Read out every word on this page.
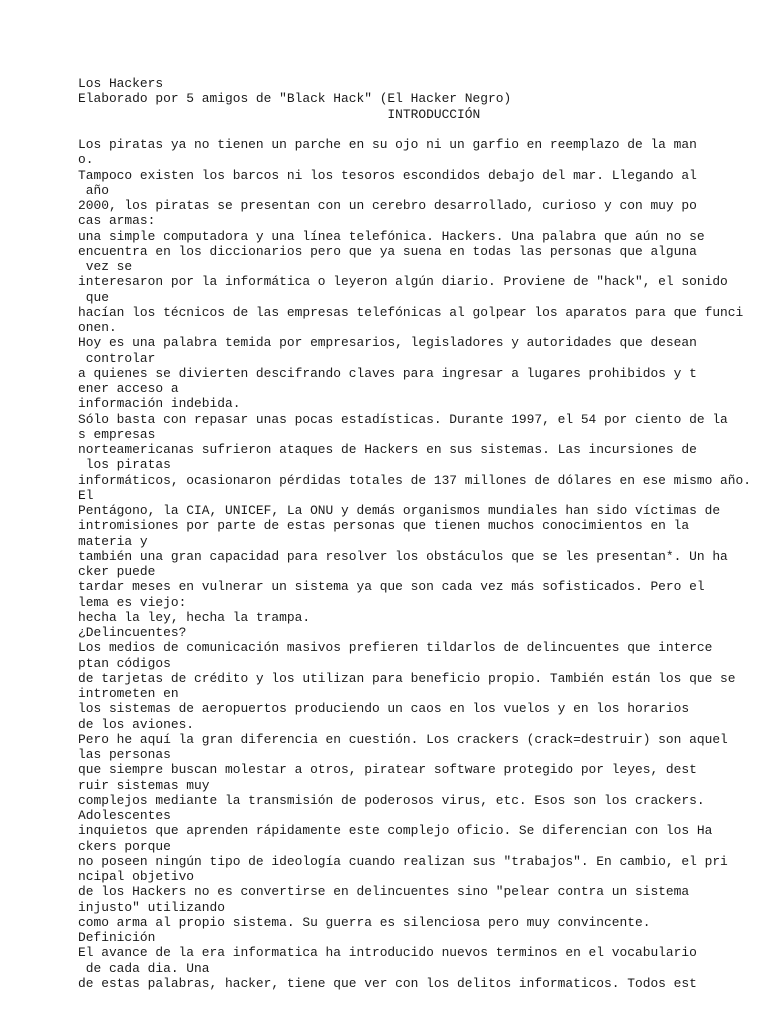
Los Hackers
Elaborado por 5 amigos de "Black Hack" (El Hacker Negro)
INTRODUCCIÓN
Los piratas ya no tienen un parche en su ojo ni un garfio en reemplazo de la man
o.
Tampoco existen los barcos ni los tesoros escondidos debajo del mar. Llegando al
año
2000, los piratas se presentan con un cerebro desarrollado, curioso y con muy po
cas armas:
una simple computadora y una línea telefónica. Hackers. Una palabra que aún no se
encuentra en los diccionarios pero que ya suena en todas las personas que alguna
vez se
interesaron por la informática o leyeron algún diario. Proviene de "hack", el sonido
que
hacían los técnicos de las empresas telefónicas al golpear los aparatos para que funci
onen.
Hoy es una palabra temida por empresarios, legisladores y autoridades que desean
controlar
a quienes se divierten descifrando claves para ingresar a lugares prohibidos y t
ener acceso a
información indebida.
Sólo basta con repasar unas pocas estadísticas. Durante 1997, el 54 por ciento de la
s empresas
norteamericanas sufrieron ataques de Hackers en sus sistemas. Las incursiones de
los piratas
informáticos, ocasionaron pérdidas totales de 137 millones de dólares en ese mismo año.
El
Pentágono, la CIA, UNICEF, La ONU y demás organismos mundiales han sido víctimas de
intromisiones por parte de estas personas que tienen muchos conocimientos en la
materia y
también una gran capacidad para resolver los obstáculos que se les presentan*. Un ha
cker puede
tardar meses en vulnerar un sistema ya que son cada vez más sofisticados. Pero el
lema es viejo:
hecha la ley, hecha la trampa.
¿Delincuentes?
Los medios de comunicación masivos prefieren tildarlos de delincuentes que interce
ptan códigos
de tarjetas de crédito y los utilizan para beneficio propio. También están los que se
intrometen en
los sistemas de aeropuertos produciendo un caos en los vuelos y en los horarios
de los aviones.
Pero he aquí la gran diferencia en cuestión. Los crackers (crack=destruir) son aquel
las personas
que siempre buscan molestar a otros, piratear software protegido por leyes, dest
ruir sistemas muy
complejos mediante la transmisión de poderosos virus, etc. Esos son los crackers.
Adolescentes
inquietos que aprenden rápidamente este complejo oficio. Se diferencian con los Ha
ckers porque
no poseen ningún tipo de ideología cuando realizan sus "trabajos". En cambio, el pri
ncipal objetivo
de los Hackers no es convertirse en delincuentes sino "pelear contra un sistema
injusto" utilizando
como arma al propio sistema. Su guerra es silenciosa pero muy convincente.
Definición
El avance de la era informatica ha introducido nuevos terminos en el vocabulario
de cada dia. Una
de estas palabras, hacker, tiene que ver con los delitos informaticos. Todos est
